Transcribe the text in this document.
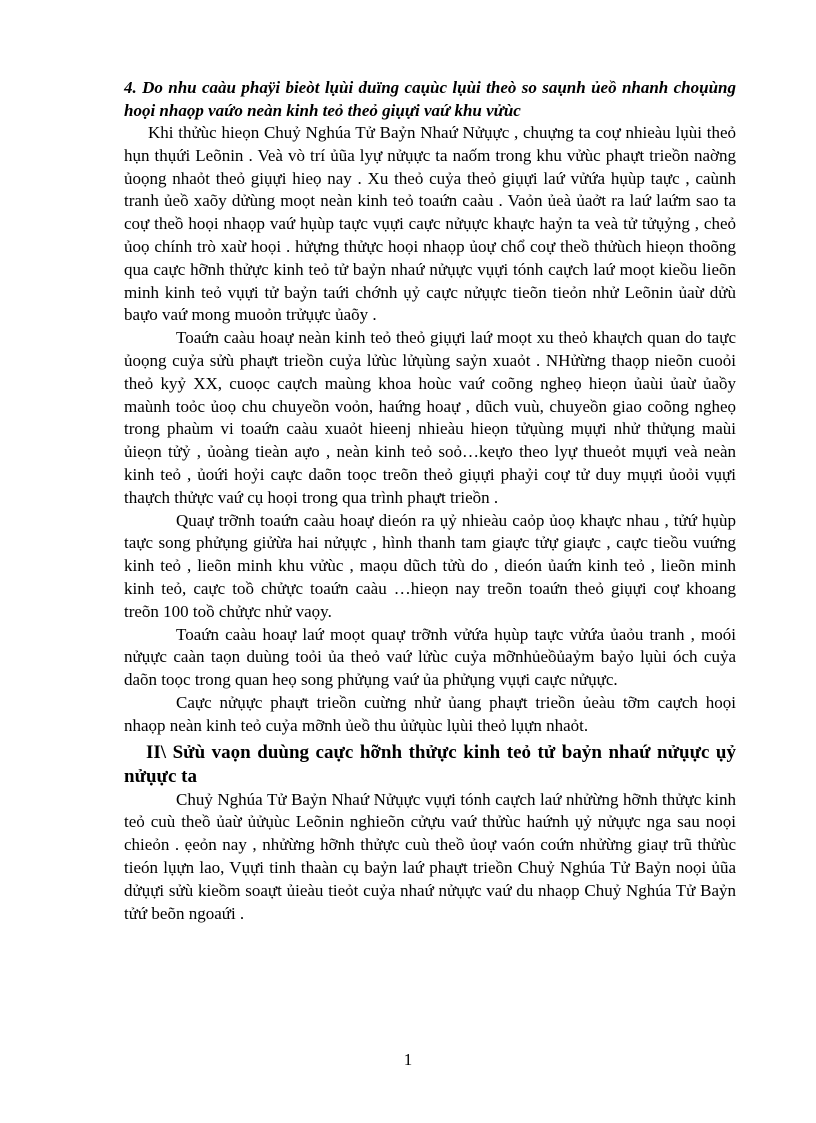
4. Do nhu caàu phaÿi bieòt lụùi duïng caụùc lụùi theò so saụnh ủeồ nhanh choụùng hoọi nhaọp vaứo neàn kinh teỏ theỏ giụựi vaứ khu vửùc

Khi thửùc hieọn Chuỷ Nghúa Tử Baỷn Nhaứ Nửụực , chuựng ta coự nhieàu lụùi theỏ hụn thụứi Leõnin . Veà vò trí ủũa lyự nửụực ta naốm trong khu vửùc phaựt trieồn naờng ủoọng nhaỏt theỏ giụựi hieọ nay . Xu theỏ cuỷa theỏ giụựi laứ vửứa hụùp taực , caùnh tranh ủeồ xaõy dửùng moọt neàn kinh teỏ toaứn caàu . Vaỏn ủeà ủaởt ra laứ laứm sao ta coự theồ hoọi nhaọp vaứ hụùp taực vụựi caực nửụực khaực haỷn ta veà tử tửụỷng , cheỏ ủoọ chính trò xaừ hoọi . hửựng thửực hoọi nhaọp ủoự chổ coự theồ thửùch hieọn thoõng qua caực hỡnh thửực kinh teỏ tử baỷn nhaứ nửụực vụựi tónh caựch laứ moọt kieồu lieõn minh kinh teỏ vụựi tử baỷn taứi chớnh ụỷ caực nửụực tieõn tieỏn nhử Leõnin ủaừ dửù baựo vaứ mong muoỏn trửụực ủaõy .

Toaứn caàu hoaự neàn kinh teỏ theỏ giụựi laứ moọt xu theỏ khaựch quan do taực ủoọng cuỷa sửù phaựt trieồn cuỷa lửùc lửụùng saỷn xuaỏt . NHửừng thaọp nieõn cuoỏi theỏ kyỷ XX, cuoọc caựch maùng khoa hoùc vaứ coõng ngheọ hieọn ủaùi ủaừ ủaồy maùnh toỏc ủoọ chu chuyeồn voỏn, haứng hoaự , dũch vuù, chuyeồn giao coõng ngheọ trong phaùm vi toaứn caàu xuaỏt hieenj nhieàu hieọn tửụùng mụựi nhử thửụng maùi ủieọn tửỷ , ủoàng tieàn aựo , neàn kinh teỏ soỏ…keựo theo lyự thueỏt mụựi veà neàn kinh teỏ , ủoứi hoỷi caực daõn toọc treõn theỏ giụựi phaỷi coự tử duy mụựi ủoỏi vụựi thaựch thửực vaứ cụ hoọi trong qua trình phaựt trieồn .

Quaự trỡnh toaứn caàu hoaự dieón ra ụỷ nhieàu caỏp ủoọ khaực nhau , tửứ hụùp taực song phửụng giửừa hai nửụực , hình thanh tam giaực tửự giaực , caực tieồu vuứng kinh teỏ , lieõn minh khu vửùc , maọu dũch tửù do , dieón ủaứn kinh teỏ , lieõn minh kinh teỏ, caực toồ chửực toaứn caàu …hieọn nay treõn toaứn theỏ giụựi coự khoang treõn 100 toồ chửực nhử vaọy.

Toaứn caàu hoaự laứ moọt quaự trỡnh vửứa hụùp taực vửứa ủaỏu tranh , moói nửụực caàn taọn duùng toỏi ủa theỏ vaứ lửùc cuỷa mỡnhủeồủaỷm baỷo lụùi óch cuỷa daõn toọc trong quan heọ song phửụng vaứ ủa phửụng vụựi caực nửụực.

Caực nửụực phaựt trieồn cuừng nhử ủang phaựt trieồn ủeàu tỡm caựch hoọi nhaọp neàn kinh teỏ cuỷa mỡnh ủeồ thu ủửụùc lụùi theỏ lụựn nhaỏt.

II\ Sửù vaọn duùng caực hỡnh thửực kinh teỏ tử baỷn nhaứ nửụực ụỷ nửụực ta

Chuỷ Nghúa Tử Baỷn Nhaứ Nửụực vụựi tónh caựch laứ nhửừng hỡnh thửực kinh teỏ cuù theồ ủaừ ủửụùc Leõnin nghieõn cửựu vaứ thửùc haứnh ụỷ nửụực nga sau noọi chieỏn . ẹeỏn nay , nhửừng hỡnh thửực cuù theồ ủoự vaón coứn nhửừng giaự trũ thửùc tieón lụựn lao, Vụựi tinh thaàn cụ baỷn laứ phaựt trieồn Chuỷ Nghúa Tử Baỷn noọi ủũa dửụựi sửù kieồm soaựt ủieàu tieỏt cuỷa nhaứ nửụực vaứ du nhaọp Chuỷ Nghúa Tử Baỷn tửứ beõn ngoaứi .

1
